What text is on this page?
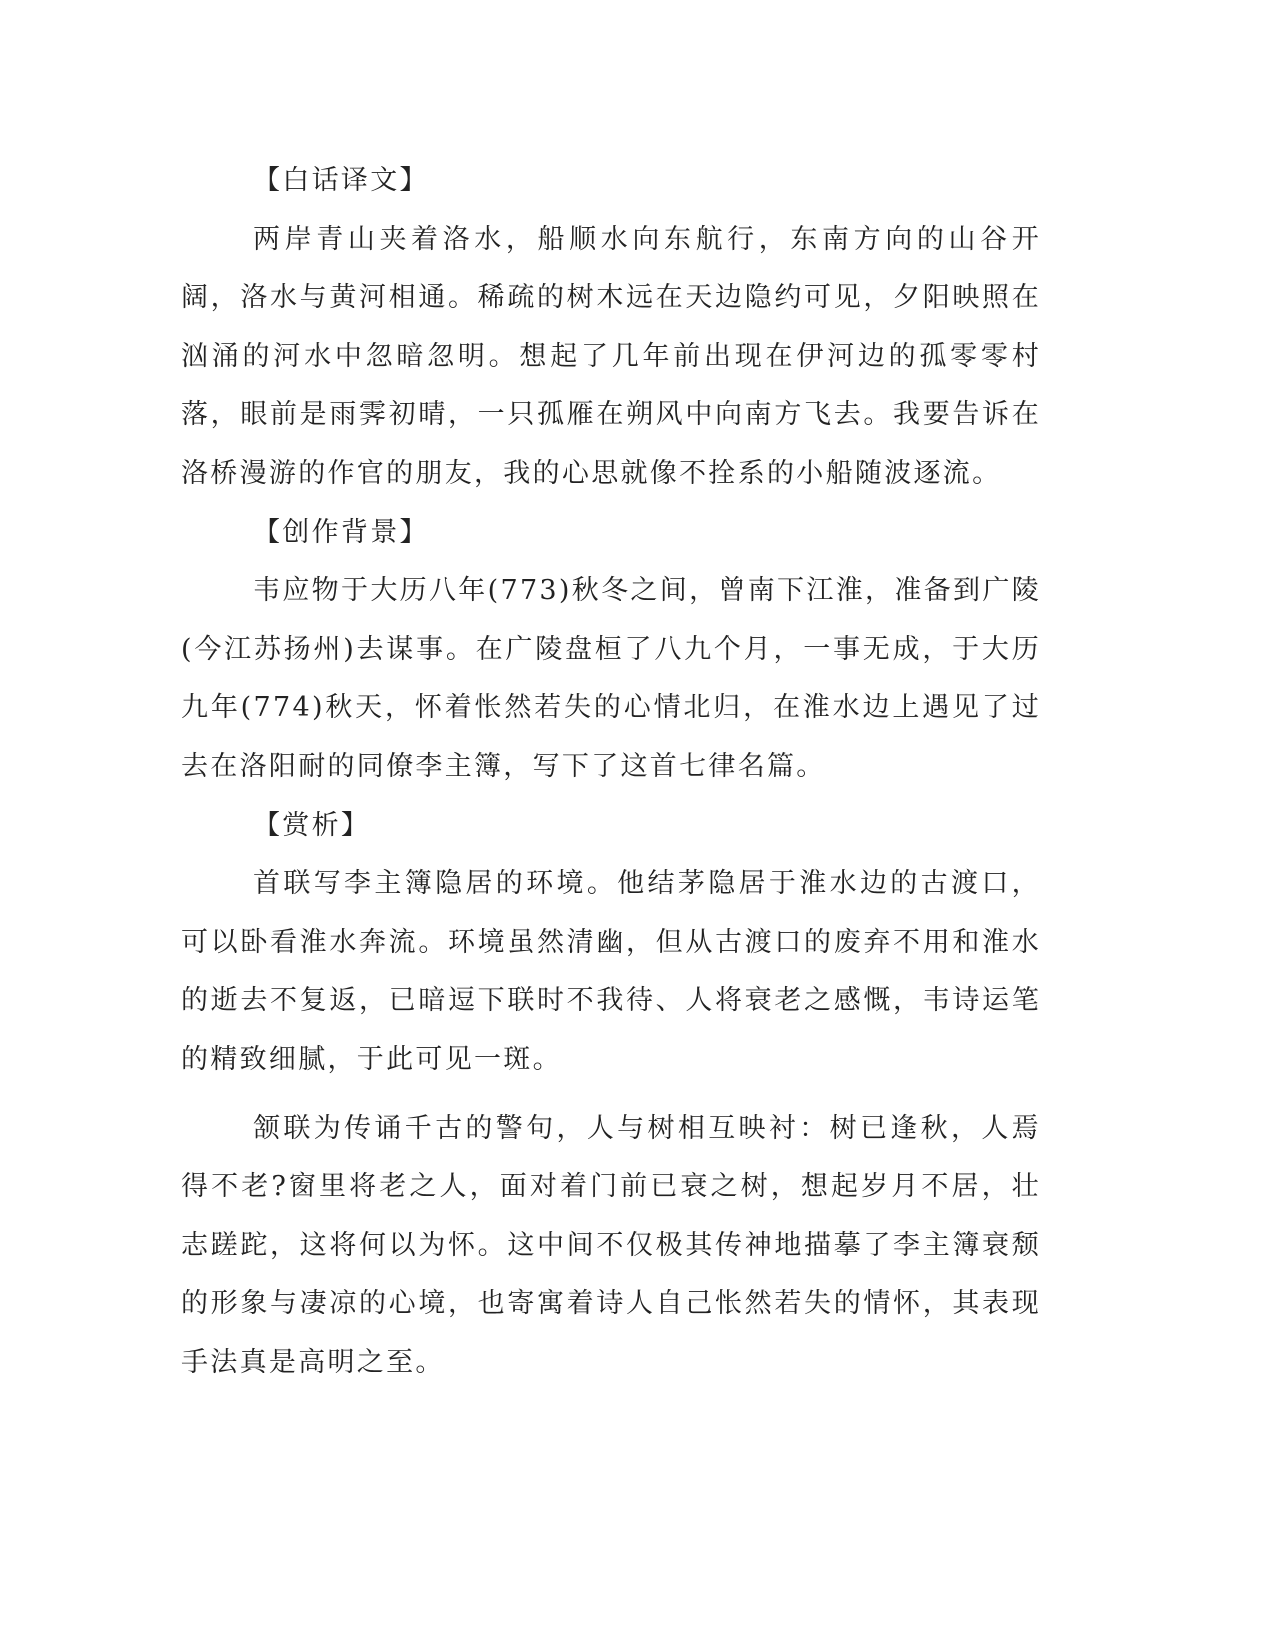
【白话译文】

两岸青山夹着洛水，船顺水向东航行，东南方向的山谷开阔，洛水与黄河相通。稀疏的树木远在天边隐约可见，夕阳映照在汹涌的河水中忽暗忽明。想起了几年前出现在伊河边的孤零零村落，眼前是雨霁初晴，一只孤雁在朔风中向南方飞去。我要告诉在洛桥漫游的作官的朋友，我的心思就像不拴系的小船随波逐流。

【创作背景】

韦应物于大历八年(773)秋冬之间，曾南下江淮，准备到广陵(今江苏扬州)去谋事。在广陵盘桓了八九个月，一事无成，于大历九年(774)秋天，怀着怅然若失的心情北归，在淮水边上遇见了过去在洛阳耐的同僚李主簿，写下了这首七律名篇。

【赏析】

首联写李主簿隐居的环境。他结茅隐居于淮水边的古渡口，可以卧看淮水奔流。环境虽然清幽，但从古渡口的废弃不用和淮水的逝去不复返，已暗逗下联时不我待、人将衰老之感慨，韦诗运笔的精致细腻，于此可见一斑。

颔联为传诵千古的警句，人与树相互映衬：树已逢秋，人焉得不老?窗里将老之人，面对着门前已衰之树，想起岁月不居，壮志蹉跎，这将何以为怀。这中间不仅极其传神地描摹了李主簿衰颓的形象与凄凉的心境，也寄寓着诗人自己怅然若失的情怀，其表现手法真是高明之至。
